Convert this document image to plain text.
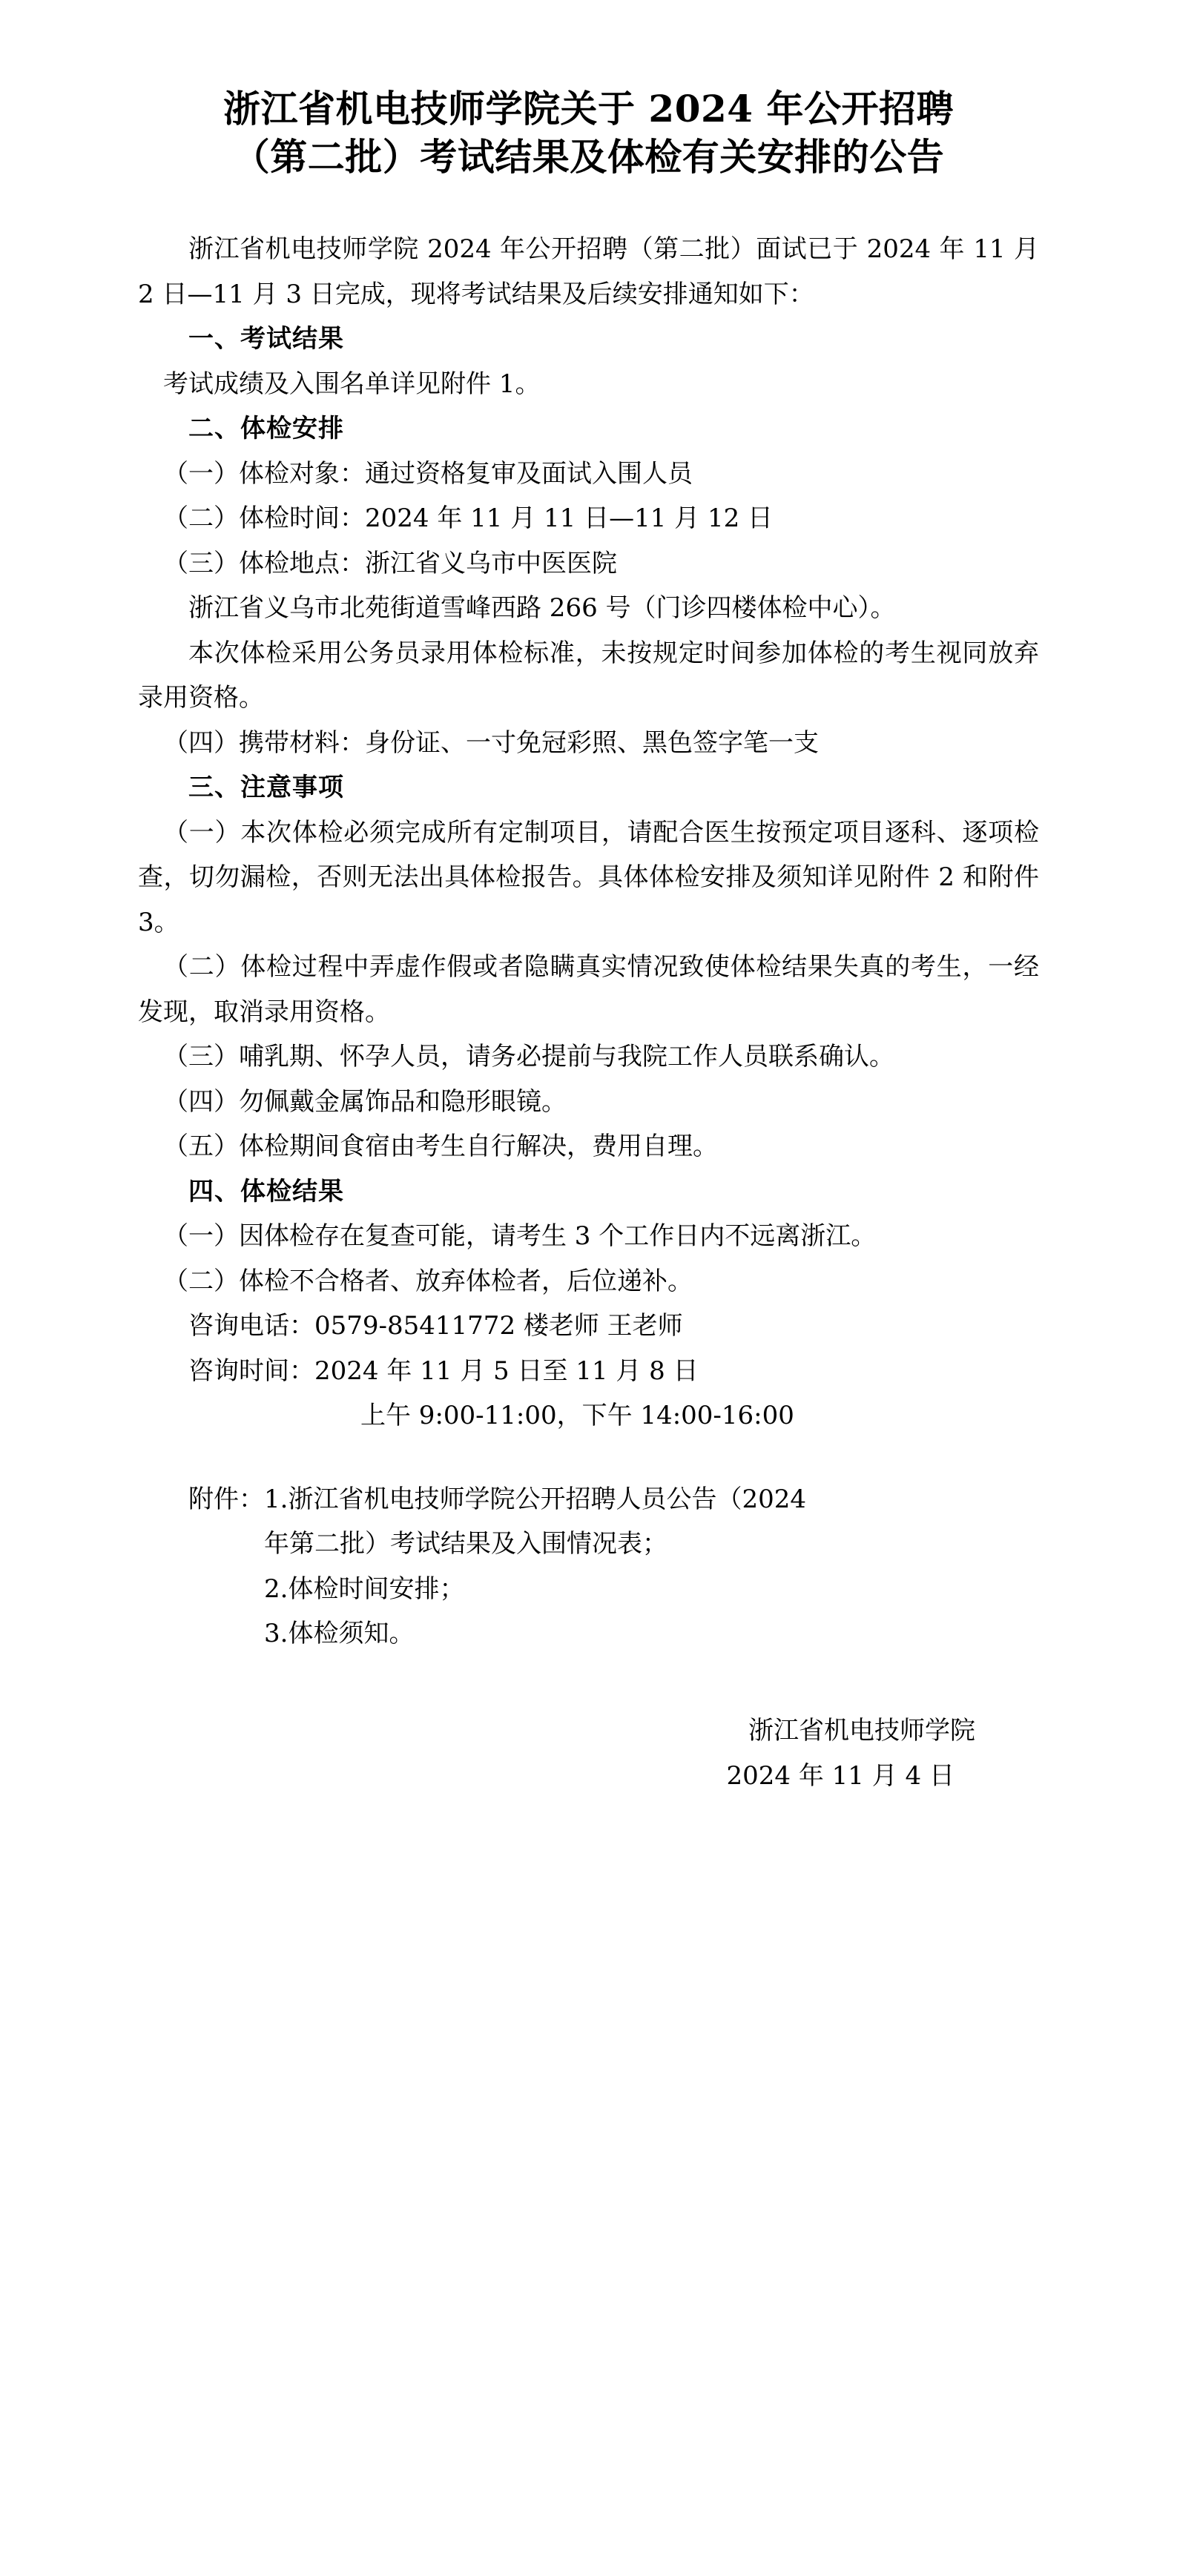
浙江省机电技师学院关于 2024 年公开招聘
（第二批）考试结果及体检有关安排的公告

浙江省机电技师学院 2024 年公开招聘（第二批）面试已于 2024 年 11 月 2 日—11 月 3 日完成，现将考试结果及后续安排通知如下：

一、考试结果

考试成绩及入围名单详见附件 1。

二、体检安排

（一）体检对象：通过资格复审及面试入围人员

（二）体检时间：2024 年 11 月 11 日—11 月 12 日

（三）体检地点：浙江省义乌市中医医院

浙江省义乌市北苑街道雪峰西路 266 号（门诊四楼体检中心）。

本次体检采用公务员录用体检标准，未按规定时间参加体检的考生视同放弃录用资格。

（四）携带材料：身份证、一寸免冠彩照、黑色签字笔一支

三、注意事项

（一）本次体检必须完成所有定制项目，请配合医生按预定项目逐科、逐项检查，切勿漏检，否则无法出具体检报告。具体体检安排及须知详见附件 2 和附件 3。

（二）体检过程中弄虚作假或者隐瞒真实情况致使体检结果失真的考生，一经发现，取消录用资格。

（三）哺乳期、怀孕人员，请务必提前与我院工作人员联系确认。

（四）勿佩戴金属饰品和隐形眼镜。

（五）体检期间食宿由考生自行解决，费用自理。

四、体检结果

（一）因体检存在复查可能，请考生 3 个工作日内不远离浙江。

（二）体检不合格者、放弃体检者，后位递补。

咨询电话：0579-85411772 楼老师 王老师

咨询时间：2024 年 11 月 5 日至 11 月 8 日

上午 9:00-11:00，下午 14:00-16:00

附件：1.浙江省机电技师学院公开招聘人员公告（2024

年第二批）考试结果及入围情况表；

2.体检时间安排；

3.体检须知。

浙江省机电技师学院
2024 年 11 月 4 日
